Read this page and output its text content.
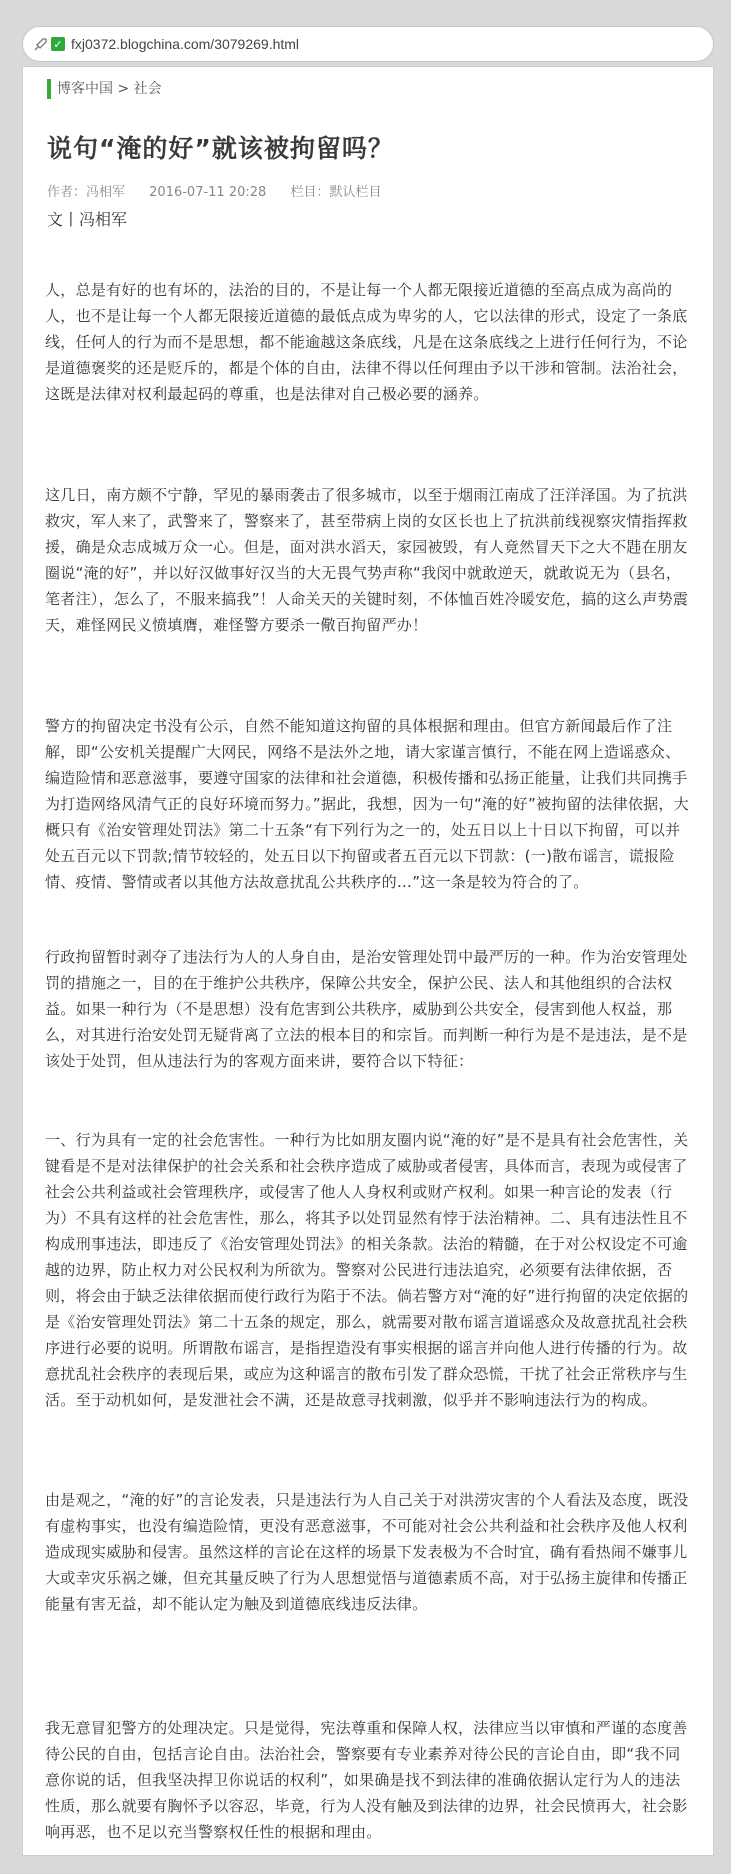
✓ fxj0372.blogchina.com/3079269.html
博客中国 > 社会
说句“淹的好”就该被拘留吗？
作者：冯相军 2016-07-11 20:28 栏目：默认栏目
文丨冯相军

人，总是有好的也有坏的，法治的目的，不是让每一个人都无限接近道德的至高点成为高尚的人，也不是让每一个人都无限接近道德的最低点成为卑劣的人，它以法律的形式，设定了一条底线，任何人的行为而不是思想，都不能逾越这条底线，凡是在这条底线之上进行任何行为，不论是道德褒奖的还是贬斥的，都是个体的自由，法律不得以任何理由予以干涉和管制。法治社会，这既是法律对权利最起码的尊重，也是法律对自己极必要的涵养。

这几日，南方颇不宁静，罕见的暴雨袭击了很多城市，以至于烟雨江南成了汪洋泽国。为了抗洪救灾，军人来了，武警来了，警察来了，甚至带病上岗的女区长也上了抗洪前线视察灾情指挥救援，确是众志成城万众一心。但是，面对洪水滔天，家园被毁，有人竟然冒天下之大不韪在朋友圈说“淹的好”，并以好汉做事好汉当的大无畏气势声称“我闵中就敢逆天，就敢说无为（县名，笔者注），怎么了，不服来搞我”！人命关天的关键时刻，不体恤百姓冷暖安危，搞的这么声势震天，难怪网民义愤填膺，难怪警方要杀一儆百拘留严办！

警方的拘留决定书没有公示，自然不能知道这拘留的具体根据和理由。但官方新闻最后作了注解，即“公安机关提醒广大网民，网络不是法外之地，请大家谨言慎行，不能在网上造谣惑众、编造险情和恶意滋事，要遵守国家的法律和社会道德，积极传播和弘扬正能量，让我们共同携手为打造网络风清气正的良好环境而努力。”据此，我想，因为一句“淹的好”被拘留的法律依据，大概只有《治安管理处罚法》第二十五条“有下列行为之一的，处五日以上十日以下拘留，可以并处五百元以下罚款;情节较轻的，处五日以下拘留或者五百元以下罚款：(一)散布谣言，谎报险情、疫情、警情或者以其他方法故意扰乱公共秩序的…”这一条是较为符合的了。

行政拘留暂时剥夺了违法行为人的人身自由，是治安管理处罚中最严厉的一种。作为治安管理处罚的措施之一，目的在于维护公共秩序，保障公共安全，保护公民、法人和其他组织的合法权益。如果一种行为（不是思想）没有危害到公共秩序，威胁到公共安全，侵害到他人权益，那么，对其进行治安处罚无疑背离了立法的根本目的和宗旨。而判断一种行为是不是违法，是不是该处于处罚，但从违法行为的客观方面来讲，要符合以下特征：

一、行为具有一定的社会危害性。一种行为比如朋友圈内说“淹的好”是不是具有社会危害性，关键看是不是对法律保护的社会关系和社会秩序造成了威胁或者侵害，具体而言，表现为或侵害了社会公共利益或社会管理秩序，或侵害了他人人身权利或财产权利。如果一种言论的发表（行为）不具有这样的社会危害性，那么，将其予以处罚显然有悖于法治精神。二、具有违法性且不构成刑事违法，即违反了《治安管理处罚法》的相关条款。法治的精髓，在于对公权设定不可逾越的边界，防止权力对公民权利为所欲为。警察对公民进行违法追究，必须要有法律依据，否则，将会由于缺乏法律依据而使行政行为陷于不法。倘若警方对“淹的好”进行拘留的决定依据的是《治安管理处罚法》第二十五条的规定，那么，就需要对散布谣言道谣惑众及故意扰乱社会秩序进行必要的说明。所谓散布谣言，是指捏造没有事实根据的谣言并向他人进行传播的行为。故意扰乱社会秩序的表现后果，或应为这种谣言的散布引发了群众恐慌，干扰了社会正常秩序与生活。至于动机如何，是发泄社会不满，还是故意寻找刺激，似乎并不影响违法行为的构成。

由是观之，“淹的好”的言论发表，只是违法行为人自己关于对洪涝灾害的个人看法及态度，既没有虚构事实，也没有编造险情，更没有恶意滋事，不可能对社会公共利益和社会秩序及他人权利造成现实威胁和侵害。虽然这样的言论在这样的场景下发表极为不合时宜，确有看热闹不嫌事儿大或幸灾乐祸之嫌，但充其量反映了行为人思想觉悟与道德素质不高，对于弘扬主旋律和传播正能量有害无益，却不能认定为触及到道德底线违反法律。

我无意冒犯警方的处理决定。只是觉得，宪法尊重和保障人权，法律应当以审慎和严谨的态度善待公民的自由，包括言论自由。法治社会，警察要有专业素养对待公民的言论自由，即“我不同意你说的话，但我坚决捍卫你说话的权利”，如果确是找不到法律的准确依据认定行为人的违法性质，那么就要有胸怀予以容忍，毕竟，行为人没有触及到法律的边界，社会民愤再大，社会影响再恶，也不足以充当警察权任性的根据和理由。
